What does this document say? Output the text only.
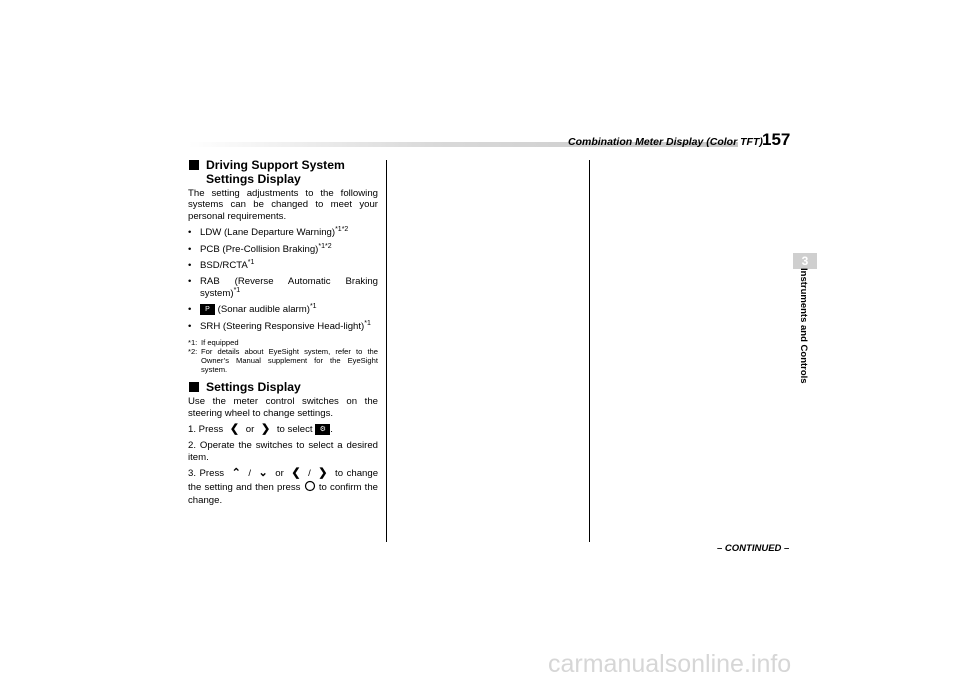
Combination Meter Display (Color TFT) 157
3
Instruments and Controls
Driving Support System Settings Display

The setting adjustments to the following systems can be changed to meet your personal requirements.

• LDW (Lane Departure Warning)$^{*1*2}$
• PCB (Pre-Collision Braking)$^{*1*2}$
• BSD/RCTA$^{*1}$
• RAB (Reverse Automatic Braking system)$^{*1}$
•	P (Sonar audible alarm)$^{*1}$
• SRH (Steering Responsive Head-light)$^{*1}$
*1: If equipped
*2: For details about EyeSight system, refer to the Owner’s Manual supplement for the EyeSight system.
Settings Display

Use the meter control switches on the steering wheel to change settings.

1. Press ❮ or ❯ to select ⚙ .

2. Operate the switches to select a desired item.

3. Press ⌃ / ⌄ or ❮ / ❯ to change the setting and then press to confirm the change.

– CONTINUED –
carmanualsonline.info
